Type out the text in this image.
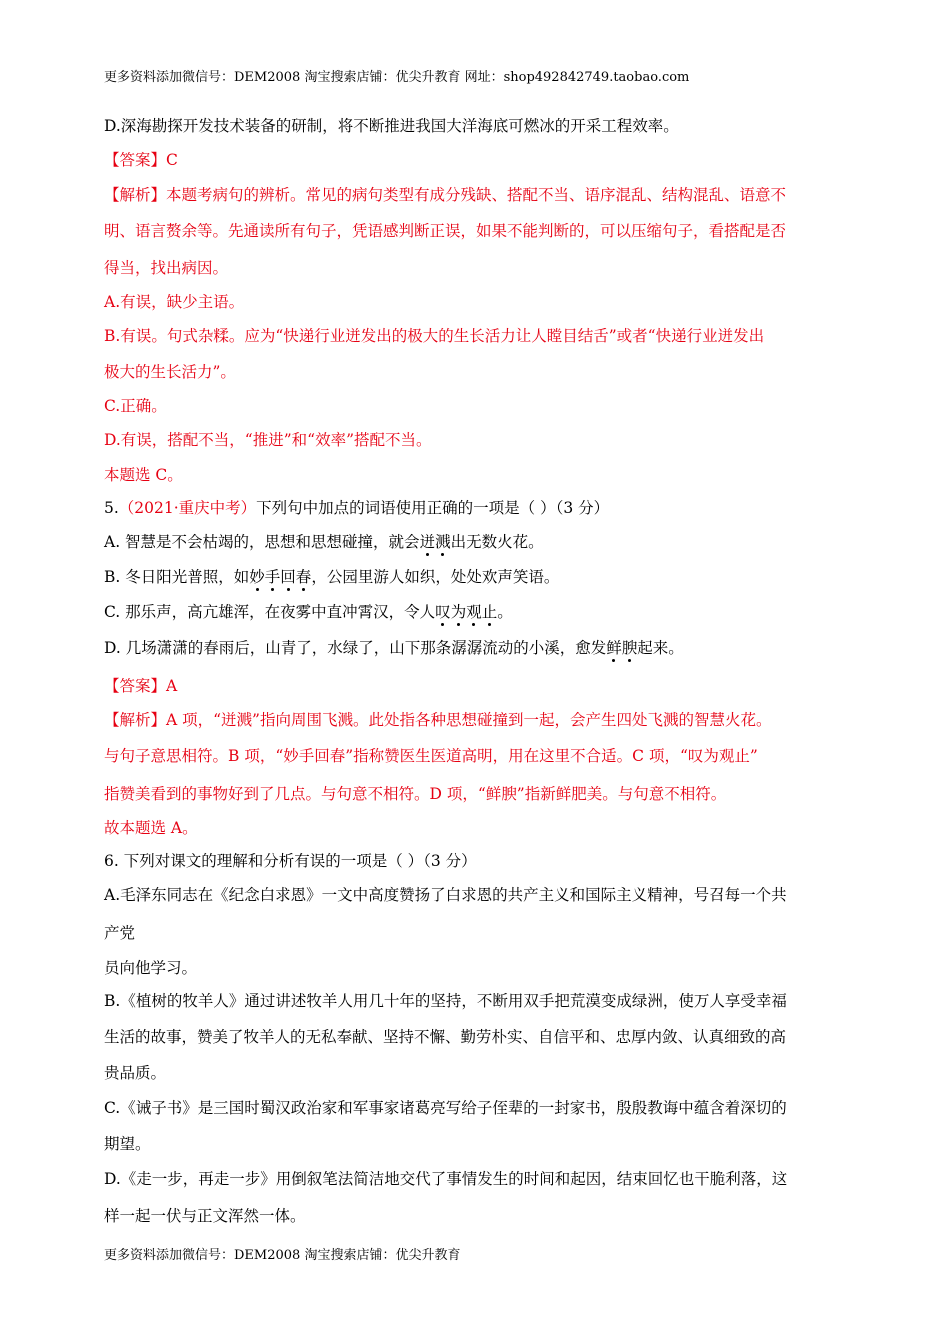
更多资料添加微信号：DEM2008 淘宝搜索店铺：优尖升教育 网址：shop492842749.taobao.com
D.深海勘探开发技术装备的研制，将不断推进我国大洋海底可燃冰的开采工程效率。
【答案】C
【解析】本题考病句的辨析。常见的病句类型有成分残缺、搭配不当、语序混乱、结构混乱、语意不
明、语言赘余等。先通读所有句子，凭语感判断正误，如果不能判断的，可以压缩句子，看搭配是否
得当，找出病因。
A.有误，缺少主语。
B.有误。句式杂糅。应为“快递行业迸发出的极大的生长活力让人瞠目结舌”或者“快递行业迸发出
极大的生长活力”。
C.正确。
D.有误，搭配不当，“推进”和“效率”搭配不当。
本题选 C。
5.（2021·重庆中考）下列句中加点的词语使用正确的一项是（ ）（3 分）
A. 智慧是不会枯竭的，思想和思想碰撞，就会迸溅出无数火花。
B. 冬日阳光普照，如妙手回春，公园里游人如织，处处欢声笑语。
C. 那乐声，高亢雄浑，在夜雾中直冲霄汉，令人叹为观止。
D. 几场潇潇的春雨后，山青了，水绿了，山下那条潺潺流动的小溪，愈发鲜腴起来。
【答案】A
【解析】A 项，“迸溅”指向周围飞溅。此处指各种思想碰撞到一起，会产生四处飞溅的智慧火花。
与句子意思相符。B 项，“妙手回春”指称赞医生医道高明，用在这里不合适。C 项，“叹为观止”
指赞美看到的事物好到了几点。与句意不相符。D 项，“鲜腴”指新鲜肥美。与句意不相符。
故本题选 A。
6. 下列对课文的理解和分析有误的一项是（ ）（3 分）
A.毛泽东同志在《纪念白求恩》一文中高度赞扬了白求恩的共产主义和国际主义精神，号召每一个共
产党
员向他学习。
B.《植树的牧羊人》通过讲述牧羊人用几十年的坚持，不断用双手把荒漠变成绿洲，使万人享受幸福
生活的故事，赞美了牧羊人的无私奉献、坚持不懈、勤劳朴实、自信平和、忠厚内敛、认真细致的高
贵品质。
C.《诫子书》是三国时蜀汉政治家和军事家诸葛亮写给子侄辈的一封家书，殷殷教诲中蕴含着深切的
期望。
D.《走一步，再走一步》用倒叙笔法简洁地交代了事情发生的时间和起因，结束回忆也干脆利落，这
样一起一伏与正文浑然一体。
更多资料添加微信号：DEM2008 淘宝搜索店铺：优尖升教育
